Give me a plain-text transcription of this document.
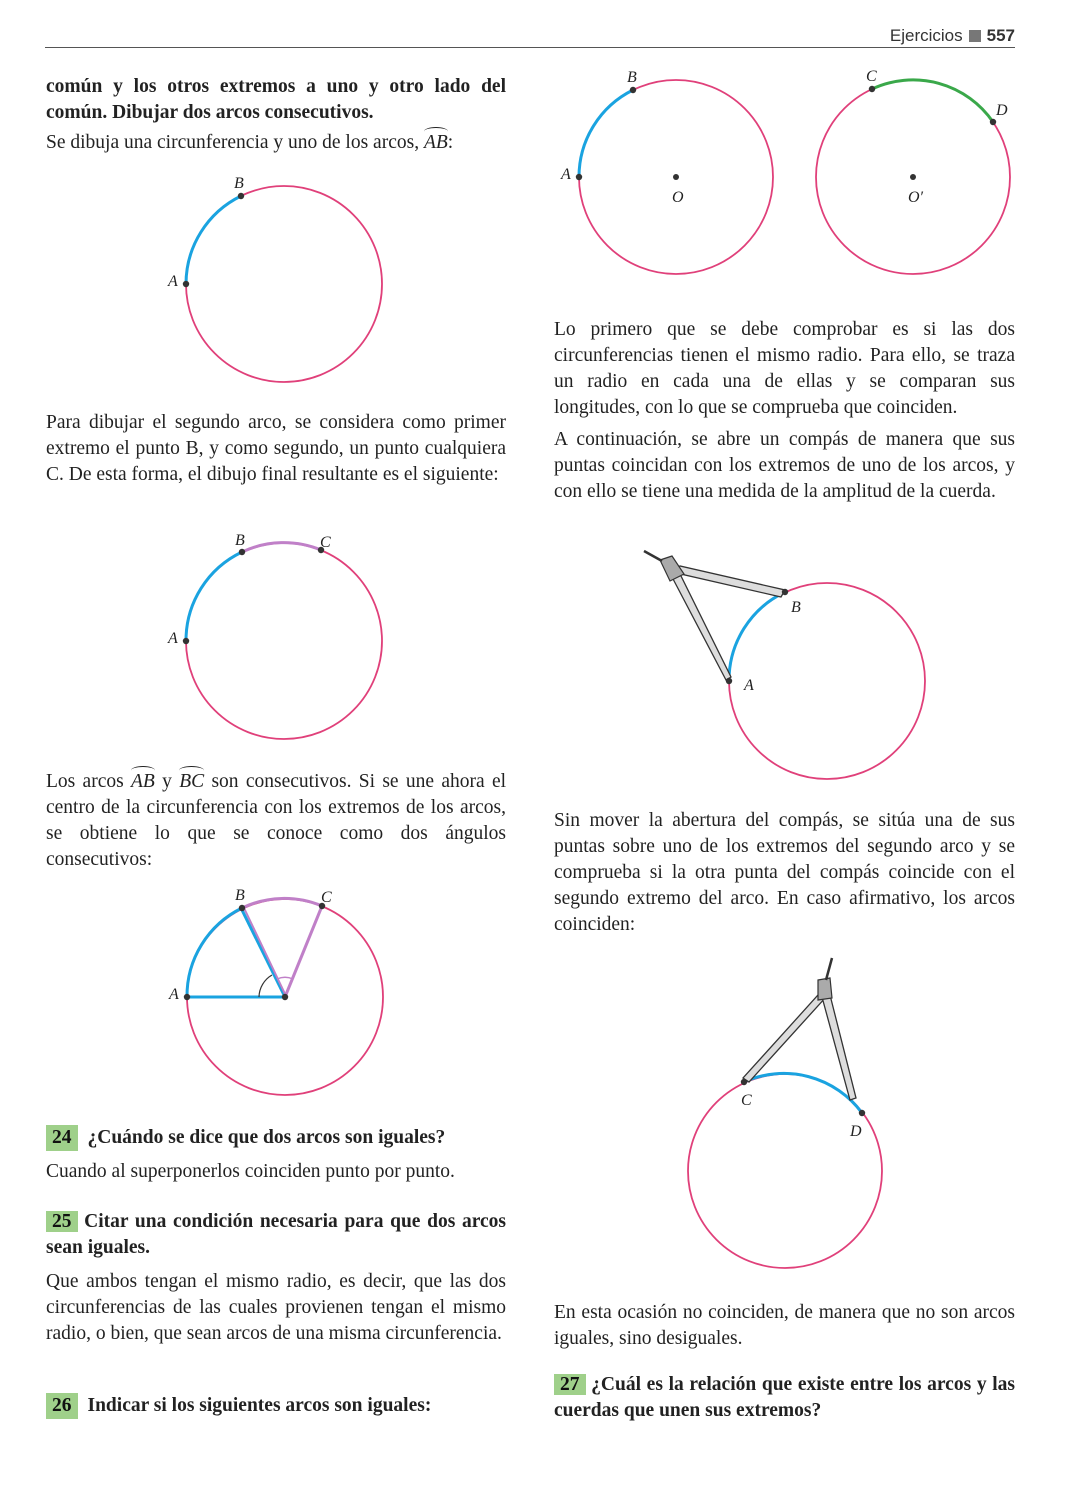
Ejercicios 557

común y los otros extremos a uno y otro lado del común. Dibujar dos arcos consecutivos.

Se dibuja una circunferencia y uno de los arcos, AB:

Para dibujar el segundo arco, se considera como primer extremo el punto B, y como segundo, un punto cualquiera C. De esta forma, el dibujo final resultante es el siguiente:

Los arcos AB y BC son consecutivos. Si se une ahora el centro de la circunferencia con los extremos de los arcos, se obtiene lo que se conoce como dos ángulos consecutivos:

24 ¿Cuándo se dice que dos arcos son iguales?

Cuando al superponerlos coinciden punto por punto.

25 Citar una condición necesaria para que dos arcos sean iguales.

Que ambos tengan el mismo radio, es decir, que las dos circunferencias de las cuales provienen tengan el mismo radio, o bien, que sean arcos de una misma circunferencia.

26 Indicar si los siguientes arcos son iguales:

Lo primero que se debe comprobar es si las dos circunferencias tienen el mismo radio. Para ello, se traza un radio en cada una de ellas y se comparan sus longitudes, con lo que se comprueba que coinciden.

A continuación, se abre un compás de manera que sus puntas coincidan con los extremos de uno de los arcos, y con ello se tiene una medida de la amplitud de la cuerda.

Sin mover la abertura del compás, se sitúa una de sus puntas sobre uno de los extremos del segundo arco y se comprueba si la otra punta del compás coincide con el segundo extremo del arco. En caso afirmativo, los arcos coinciden:

En esta ocasión no coinciden, de manera que no son arcos iguales, sino desiguales.

27 ¿Cuál es la relación que existe entre los arcos y las cuerdas que unen sus extremos?

A
B
A
B	C
A
B	C
A
B
O
C
D
O′
A
B
C
D
